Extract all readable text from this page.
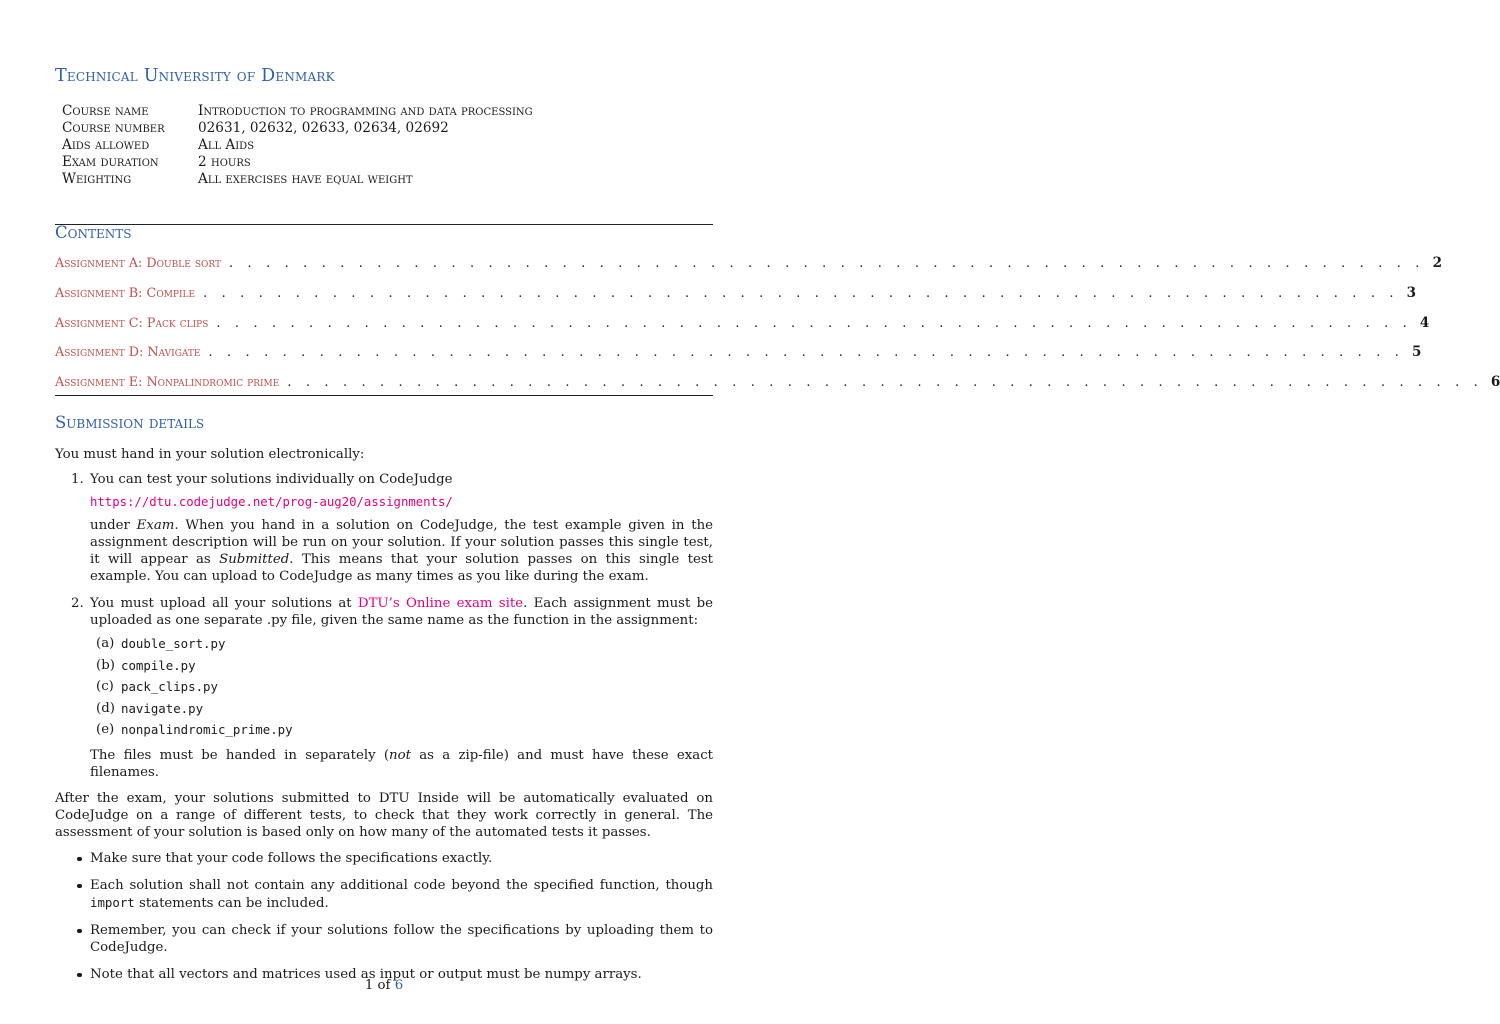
Technical University of Denmark
Course name	Introduction to programming and data processing
Course number	02631, 02632, 02633, 02634, 02692
Aids allowed	All Aids
Exam duration	2 hours
Weighting	All exercises have equal weight
Contents
Assignment A: Double sort . . . . . . . . . . . . . . . . . . . . . . . . . . . . . . . . . . . . . . . . . . . . . . . . . . . . . . . . . . . . . . . . . 2
Assignment B: Compile . . . . . . . . . . . . . . . . . . . . . . . . . . . . . . . . . . . . . . . . . . . . . . . . . . . . . . . . . . . . . . . . . 3
Assignment C: Pack clips . . . . . . . . . . . . . . . . . . . . . . . . . . . . . . . . . . . . . . . . . . . . . . . . . . . . . . . . . . . . . . . . . 4
Assignment D: Navigate . . . . . . . . . . . . . . . . . . . . . . . . . . . . . . . . . . . . . . . . . . . . . . . . . . . . . . . . . . . . . . . . . 5
Assignment E: Nonpalindromic prime . . . . . . . . . . . . . . . . . . . . . . . . . . . . . . . . . . . . . . . . . . . . . . . . . . . . . . . . . . . . . . . . . 6
Submission details

You must hand in your solution electronically:

1. You can test your solutions individually on CodeJudge

https://dtu.codejudge.net/prog-aug20/assignments/

under Exam. When you hand in a solution on CodeJudge, the test example given in the assignment description will be run on your solution. If your solution passes this single test, it will appear as Submitted. This means that your solution passes on this single test example. You can upload to CodeJudge as many times as you like during the exam.

2. You must upload all your solutions at DTU’s Online exam site. Each assignment must be uploaded as one separate .py file, given the same name as the function in the assignment:

(a) double_sort.py
(b) compile.py
(c) pack_clips.py
(d) navigate.py
(e) nonpalindromic_prime.py

The files must be handed in separately (not as a zip-file) and must have these exact filenames.

After the exam, your solutions submitted to DTU Inside will be automatically evaluated on CodeJudge on a range of different tests, to check that they work correctly in general. The assessment of your solution is based only on how many of the automated tests it passes.

Make sure that your code follows the specifications exactly.

Each solution shall not contain any additional code beyond the specified function, though import statements can be included.

Remember, you can check if your solutions follow the specifications by uploading them to CodeJudge.

Note that all vectors and matrices used as input or output must be numpy arrays.

1 of 6
